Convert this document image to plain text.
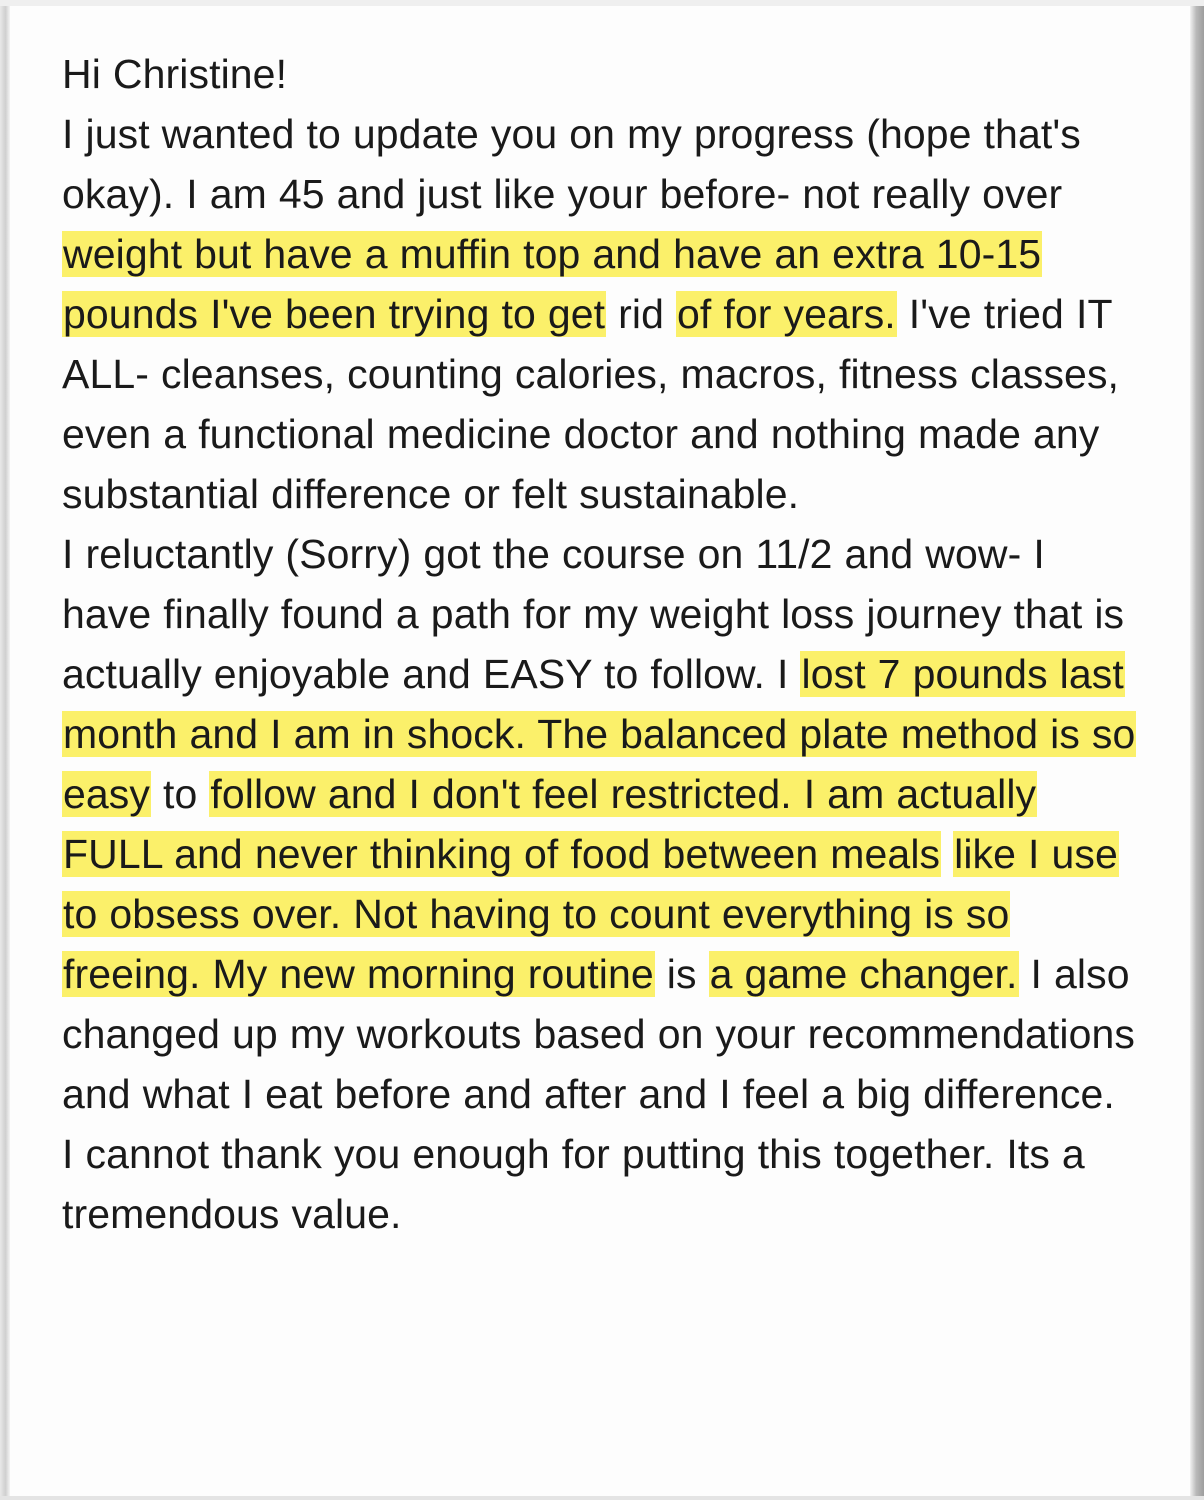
Hi Christine!

I just wanted to update you on my progress (hope that's okay). I am 45 and just like your before- not really over weight but have a muffin top and have an extra 10-15 pounds I've been trying to get rid of for years. I've tried IT ALL- cleanses, counting calories, macros, fitness classes, even a functional medicine doctor and nothing made any substantial difference or felt sustainable.

I reluctantly (Sorry) got the course on 11/2 and wow- I have finally found a path for my weight loss journey that is actually enjoyable and EASY to follow. I lost 7 pounds last month and I am in shock. The balanced plate method is so easy to follow and I don't feel restricted. I am actually FULL and never thinking of food between meals like I use to obsess over. Not having to count everything is so freeing. My new morning routine is a game changer. I also changed up my workouts based on your recommendations and what I eat before and after and I feel a big difference.

I cannot thank you enough for putting this together. Its a tremendous value.
